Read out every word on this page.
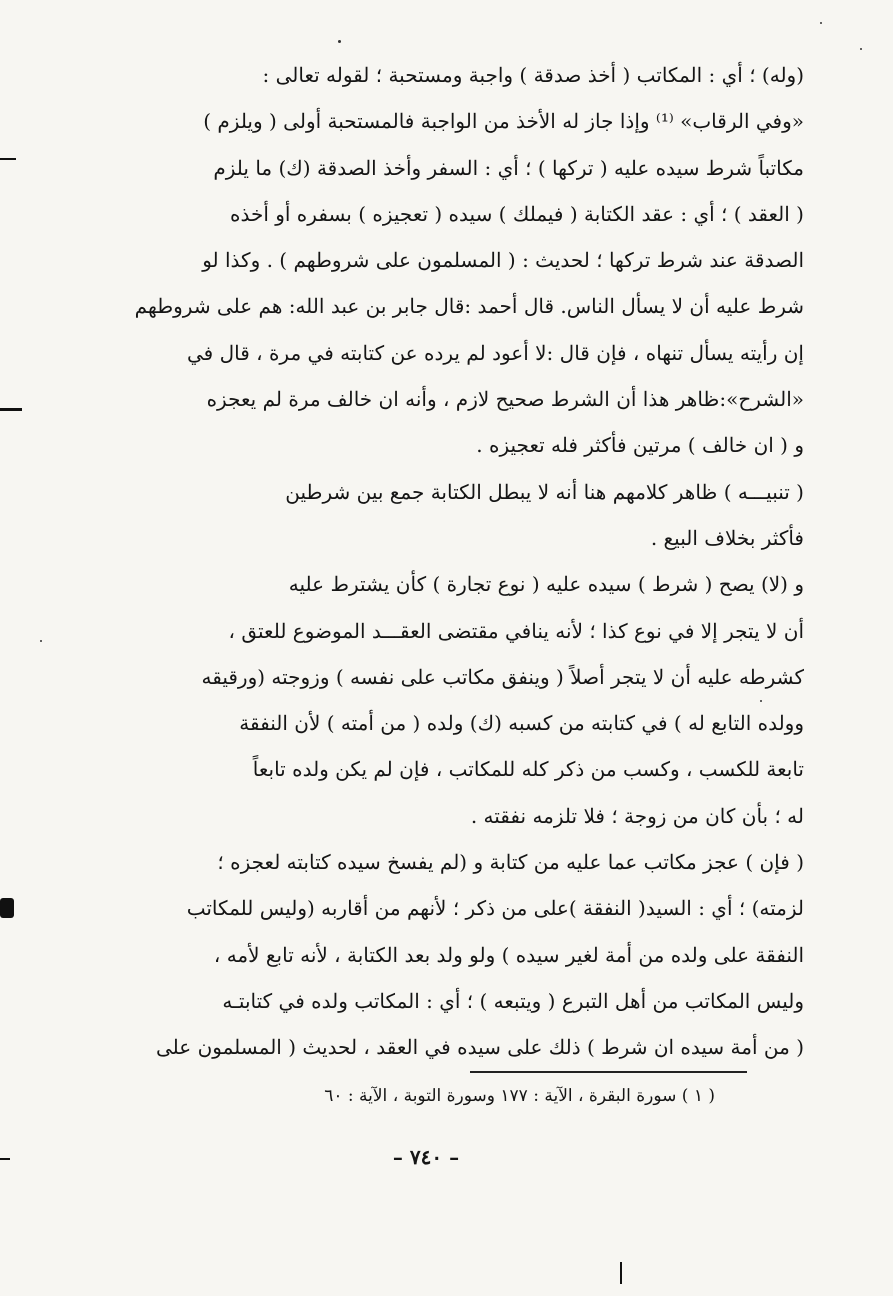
(وله) ؛ أي : المكاتب ( أخذ صدقة ) واجبة ومستحبة ؛ لقوله تعالى :
«وفي الرقاب» ⁽¹⁾ وإذا جاز له الأخذ من الواجبة فالمستحبة أولى ( ويلزم )
مكاتباً شرط سيده عليه ( تركها ) ؛ أي : السفر وأخذ الصدقة (ك) ما يلزم
( العقد ) ؛ أي : عقد الكتابة ( فيملك ) سيده ( تعجيزه ) بسفره أو أخذه
الصدقة عند شرط تركها ؛ لحديث : ( المسلمون على شروطهم ) . وكذا لو
شرط عليه أن لا يسأل الناس. قال أحمد :قال جابر بن عبد الله: هم على شروطهم
إن رأيته يسأل تنهاه ، فإن قال :لا أعود لم يرده عن كتابته في مرة ، قال في
«الشرح»:ظاهر هذا أن الشرط صحيح لازم ، وأنه ان خالف مرة لم يعجزه
و ( ان خالف ) مرتين فأكثر فله تعجيزه .
( تنبيـــه ) ظاهر كلامهم هنا أنه لا يبطل الكتابة جمع بين شرطين
فأكثر بخلاف البيع .
و (لا) يصح ( شرط ) سيده عليه ( نوع تجارة ) كأن يشترط عليه
أن لا يتجر إلا في نوع كذا ؛ لأنه ينافي مقتضى العقـــد الموضوع للعتق ،
كشرطه عليه أن لا يتجر أصلاً ( وينفق مكاتب على نفسه ) وزوجته (ورقيقه
وولده التابع له ) في كتابته من كسبه (ك) ولده ( من أمته ) لأن النفقة
تابعة للكسب ، وكسب من ذكر كله للمكاتب ، فإن لم يكن ولده تابعاً
له ؛ بأن كان من زوجة ؛ فلا تلزمه نفقته .
( فإن ) عجز مكاتب عما عليه من كتابة و (لم يفسخ سيده كتابته لعجزه ؛
لزمته) ؛ أي : السيد( النفقة )على من ذكر ؛ لأنهم من أقاربه (وليس للمكاتب
النفقة على ولده من أمة لغير سيده ) ولو ولد بعد الكتابة ، لأنه تابع لأمه ،
وليس المكاتب من أهل التبرع ( ويتبعه ) ؛ أي : المكاتب ولده في كتابتـه
( من أمة سيده ان شرط ) ذلك على سيده في العقد ، لحديث ( المسلمون على
( ١ ) سورة البقرة ، الآية : ١٧٧ وسورة التوبة ، الآية : ٦٠
– ٧٤٠ –
